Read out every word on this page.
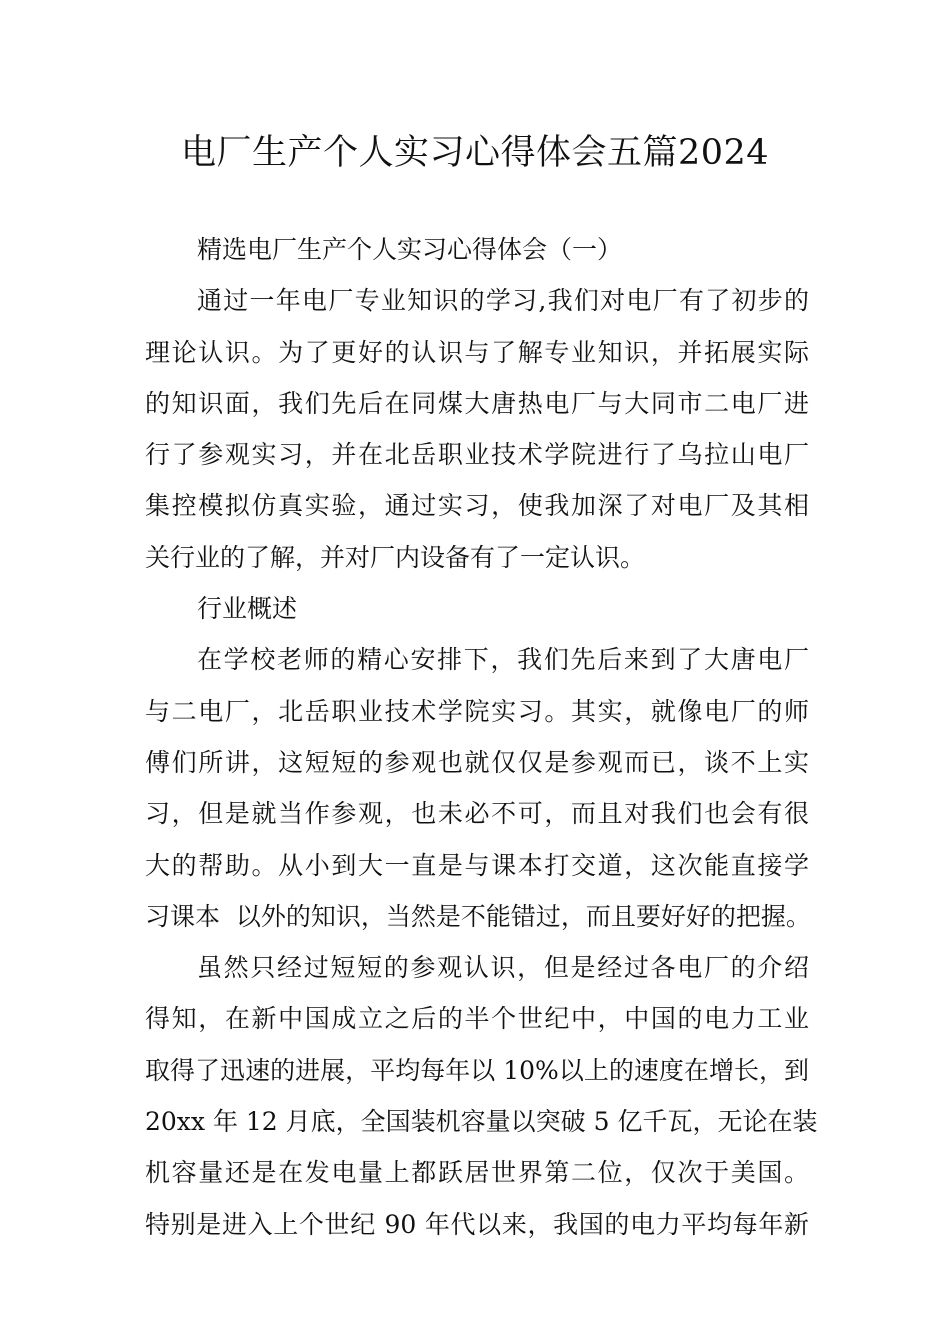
电厂生产个人实习心得体会五篇2024
精选电厂生产个人实习心得体会（一）
通过一年电厂专业知识的学习,我们对电厂有了初步的
理论认识。为了更好的认识与了解专业知识，并拓展实际
的知识面，我们先后在同煤大唐热电厂与大同市二电厂进
行了参观实习，并在北岳职业技术学院进行了乌拉山电厂
集控模拟仿真实验，通过实习，使我加深了对电厂及其相
关行业的了解，并对厂内设备有了一定认识。
行业概述
在学校老师的精心安排下，我们先后来到了大唐电厂
与二电厂，北岳职业技术学院实习。其实，就像电厂的师
傅们所讲，这短短的参观也就仅仅是参观而已，谈不上实
习，但是就当作参观，也未必不可，而且对我们也会有很
大的帮助。从小到大一直是与课本打交道，这次能直接学
习课本  以外的知识，当然是不能错过，而且要好好的把握。
虽然只经过短短的参观认识，但是经过各电厂的介绍
得知，在新中国成立之后的半个世纪中，中国的电力工业
取得了迅速的进展，平均每年以 10%以上的速度在增长，到
20xx 年 12 月底，全国装机容量以突破 5 亿千瓦，无论在装
机容量还是在发电量上都跃居世界第二位，仅次于美国。
特别是进入上个世纪 90 年代以来，我国的电力平均每年新
